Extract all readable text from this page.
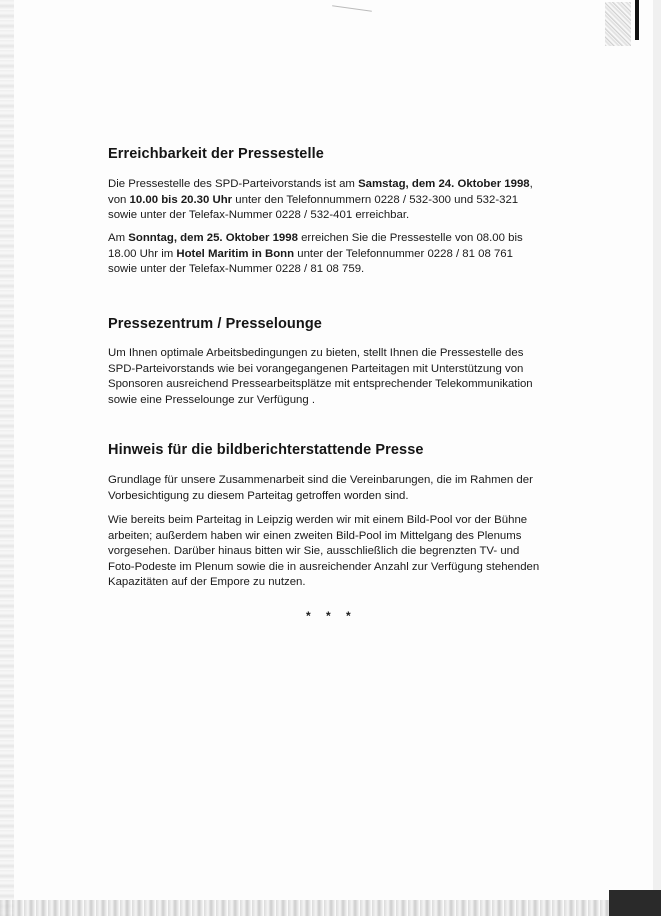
Erreichbarkeit der Pressestelle

Die Pressestelle des SPD-Parteivorstands ist am Samstag, dem 24. Oktober 1998, von 10.00 bis 20.30 Uhr unter den Telefonnummern 0228 / 532-300 und 532-321 sowie unter der Telefax-Nummer 0228 / 532-401 erreichbar.

Am Sonntag, dem 25. Oktober 1998 erreichen Sie die Pressestelle von 08.00 bis 18.00 Uhr im Hotel Maritim in Bonn unter der Telefonnummer 0228 / 81 08 761 sowie unter der Telefax-Nummer 0228 / 81 08 759.

Pressezentrum / Presselounge

Um Ihnen optimale Arbeitsbedingungen zu bieten, stellt Ihnen die Pressestelle des SPD-Parteivorstands wie bei vorangegangenen Parteitagen mit Unterstützung von Sponsoren ausreichend Pressearbeitsplätze mit entsprechender Telekommunikation sowie eine Presselounge zur Verfügung .

Hinweis für die bildberichterstattende Presse

Grundlage für unsere Zusammenarbeit sind die Vereinbarungen, die im Rahmen der Vorbesichtigung zu diesem Parteitag getroffen worden sind.

Wie bereits beim Parteitag in Leipzig werden wir mit einem Bild-Pool vor der Bühne arbeiten; außerdem haben wir einen zweiten Bild-Pool im Mittelgang des Plenums vorgesehen. Darüber hinaus bitten wir Sie, ausschließlich die begrenzten TV- und Foto-Podeste im Plenum sowie die in ausreichender Anzahl zur Verfügung stehenden Kapazitäten auf der Empore zu nutzen.

* * *
